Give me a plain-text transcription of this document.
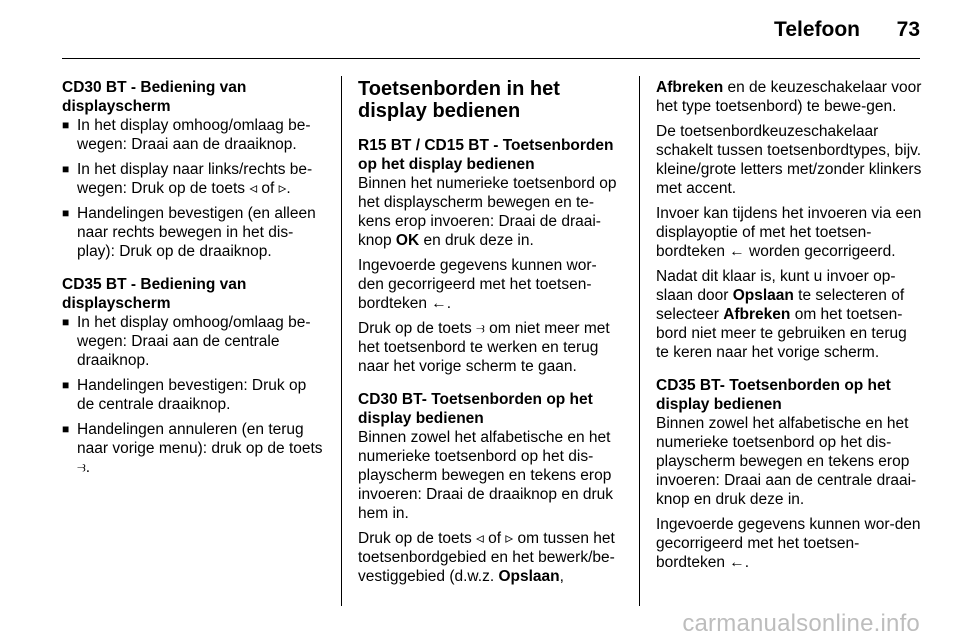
Telefoon 73
CD30 BT - Bediening van
displayscherm
■ In het display omhoog/omlaag be‐wegen: Draai aan de draaiknop.
■ In het display naar links/rechts be‐wegen: Druk op de toets ◃ of ▹.
■ Handelingen bevestigen (en alleen naar rechts bewegen in het dis‐play): Druk op de draaiknop.
CD35 BT - Bediening van
displayscherm
■ In het display omhoog/omlaag be‐wegen: Draai aan de centrale draaiknop.
■ Handelingen bevestigen: Druk op de centrale draaiknop.
■ Handelingen annuleren (en terug naar vorige menu): druk op de toets ⥽.
Toetsenborden in het display bedienen
R15 BT / CD15 BT - Toetsenborden
op het display bedienen

Binnen het numerieke toetsenbord op het displayscherm bewegen en te‐kens erop invoeren: Draai de draai‐knop OK en druk deze in.

Ingevoerde gegevens kunnen wor‐den gecorrigeerd met het toetsen‐bordteken ←.

Druk op de toets ⥽ om niet meer met het toetsenbord te werken en terug naar het vorige scherm te gaan.

CD30 BT- Toetsenborden op het
display bedienen

Binnen zowel het alfabetische en het numerieke toetsenbord op het dis‐playscherm bewegen en tekens erop invoeren: Draai de draaiknop en druk hem in.

Druk op de toets ◃ of ▹ om tussen het toetsenbordgebied en het bewerk/be‐vestiggebied (d.w.z. Opslaan,

Afbreken en de keuzeschakelaar voor het type toetsenbord) te bewe‐gen.

De toetsenbordkeuzeschakelaar schakelt tussen toetsenbordtypes, bijv. kleine/grote letters met/zonder klinkers met accent.

Invoer kan tijdens het invoeren via een displayoptie of met het toetsen‐bordteken ← worden gecorrigeerd.

Nadat dit klaar is, kunt u invoer op‐slaan door Opslaan te selecteren of selecteer Afbreken om het toetsen‐bord niet meer te gebruiken en terug te keren naar het vorige scherm.

CD35 BT- Toetsenborden op het
display bedienen

Binnen zowel het alfabetische en het numerieke toetsenbord op het dis‐playscherm bewegen en tekens erop invoeren: Draai aan de centrale draai‐knop en druk deze in.

Ingevoerde gegevens kunnen wor‐den gecorrigeerd met het toetsen‐bordteken ←.

carmanualsonline.info
